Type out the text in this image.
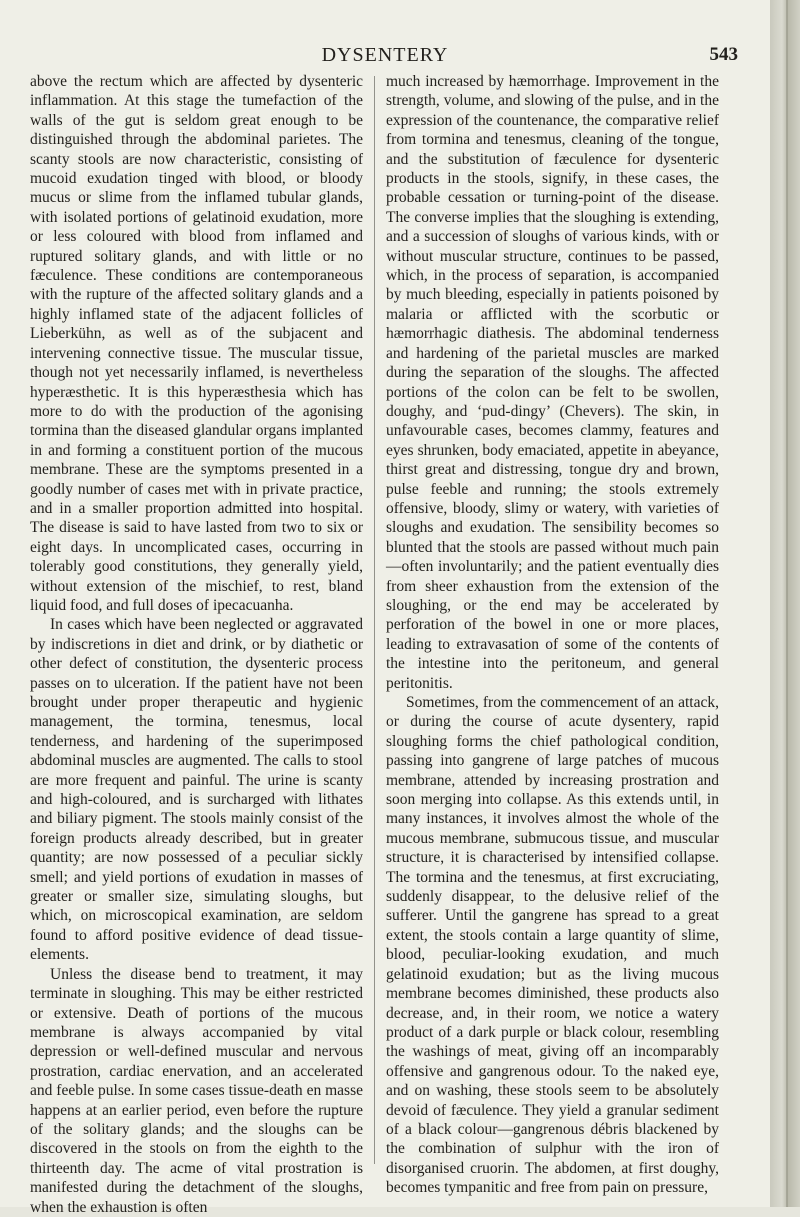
DYSENTERY	543

above the rectum which are affected by dysenteric inflammation. At this stage the tumefaction of the walls of the gut is seldom great enough to be distinguished through the abdominal parietes. The scanty stools are now characteristic, consisting of mucoid exudation tinged with blood, or bloody mucus or slime from the inflamed tubular glands, with isolated portions of gelatinoid exudation, more or less coloured with blood from inflamed and ruptured solitary glands, and with little or no fæculence. These conditions are contemporaneous with the rupture of the affected solitary glands and a highly inflamed state of the adjacent follicles of Lieberkühn, as well as of the subjacent and intervening connective tissue. The muscular tissue, though not yet necessarily inflamed, is nevertheless hyperæsthetic. It is this hyperæsthesia which has more to do with the production of the agonising tormina than the diseased glandular organs implanted in and forming a constituent portion of the mucous membrane. These are the symptoms presented in a goodly number of cases met with in private practice, and in a smaller proportion admitted into hospital. The disease is said to have lasted from two to six or eight days. In uncomplicated cases, occurring in tolerably good constitutions, they generally yield, without extension of the mischief, to rest, bland liquid food, and full doses of ipecacuanha.

In cases which have been neglected or aggravated by indiscretions in diet and drink, or by diathetic or other defect of constitution, the dysenteric process passes on to ulceration. If the patient have not been brought under proper therapeutic and hygienic management, the tormina, tenesmus, local tenderness, and hardening of the superimposed abdominal muscles are augmented. The calls to stool are more frequent and painful. The urine is scanty and high-coloured, and is surcharged with lithates and biliary pigment. The stools mainly consist of the foreign products already described, but in greater quantity; are now possessed of a peculiar sickly smell; and yield portions of exudation in masses of greater or smaller size, simulating sloughs, but which, on microscopical examination, are seldom found to afford positive evidence of dead tissue-elements.

Unless the disease bend to treatment, it may terminate in sloughing. This may be either restricted or extensive. Death of portions of the mucous membrane is always accompanied by vital depression or well-defined muscular and nervous prostration, cardiac enervation, and an accelerated and feeble pulse. In some cases tissue-death en masse happens at an earlier period, even before the rupture of the solitary glands; and the sloughs can be discovered in the stools on from the eighth to the thirteenth day. The acme of vital prostration is manifested during the detachment of the sloughs, when the exhaustion is often

much increased by hæmorrhage. Improvement in the strength, volume, and slowing of the pulse, and in the expression of the countenance, the comparative relief from tormina and tenesmus, cleaning of the tongue, and the substitution of fæculence for dysenteric products in the stools, signify, in these cases, the probable cessation or turning-point of the disease. The converse implies that the sloughing is extending, and a succession of sloughs of various kinds, with or without muscular structure, continues to be passed, which, in the process of separation, is accompanied by much bleeding, especially in patients poisoned by malaria or afflicted with the scorbutic or hæmorrhagic diathesis. The abdominal tenderness and hardening of the parietal muscles are marked during the separation of the sloughs. The affected portions of the colon can be felt to be swollen, doughy, and ‘pud-dingy’ (Chevers). The skin, in unfavourable cases, becomes clammy, features and eyes shrunken, body emaciated, appetite in abeyance, thirst great and distressing, tongue dry and brown, pulse feeble and running; the stools extremely offensive, bloody, slimy or watery, with varieties of sloughs and exudation. The sensibility becomes so blunted that the stools are passed without much pain—often involuntarily; and the patient eventually dies from sheer exhaustion from the extension of the sloughing, or the end may be accelerated by perforation of the bowel in one or more places, leading to extravasation of some of the contents of the intestine into the peritoneum, and general peritonitis.

Sometimes, from the commencement of an attack, or during the course of acute dysentery, rapid sloughing forms the chief pathological condition, passing into gangrene of large patches of mucous membrane, attended by increasing prostration and soon merging into collapse. As this extends until, in many instances, it involves almost the whole of the mucous membrane, submucous tissue, and muscular structure, it is characterised by intensified collapse. The tormina and the tenesmus, at first excruciating, suddenly disappear, to the delusive relief of the sufferer. Until the gangrene has spread to a great extent, the stools contain a large quantity of slime, blood, peculiar-looking exudation, and much gelatinoid exudation; but as the living mucous membrane becomes diminished, these products also decrease, and, in their room, we notice a watery product of a dark purple or black colour, resembling the washings of meat, giving off an incomparably offensive and gangrenous odour. To the naked eye, and on washing, these stools seem to be absolutely devoid of fæculence. They yield a granular sediment of a black colour—gangrenous débris blackened by the combination of sulphur with the iron of disorganised cruorin. The abdomen, at first doughy, becomes tympanitic and free from pain on pressure,
